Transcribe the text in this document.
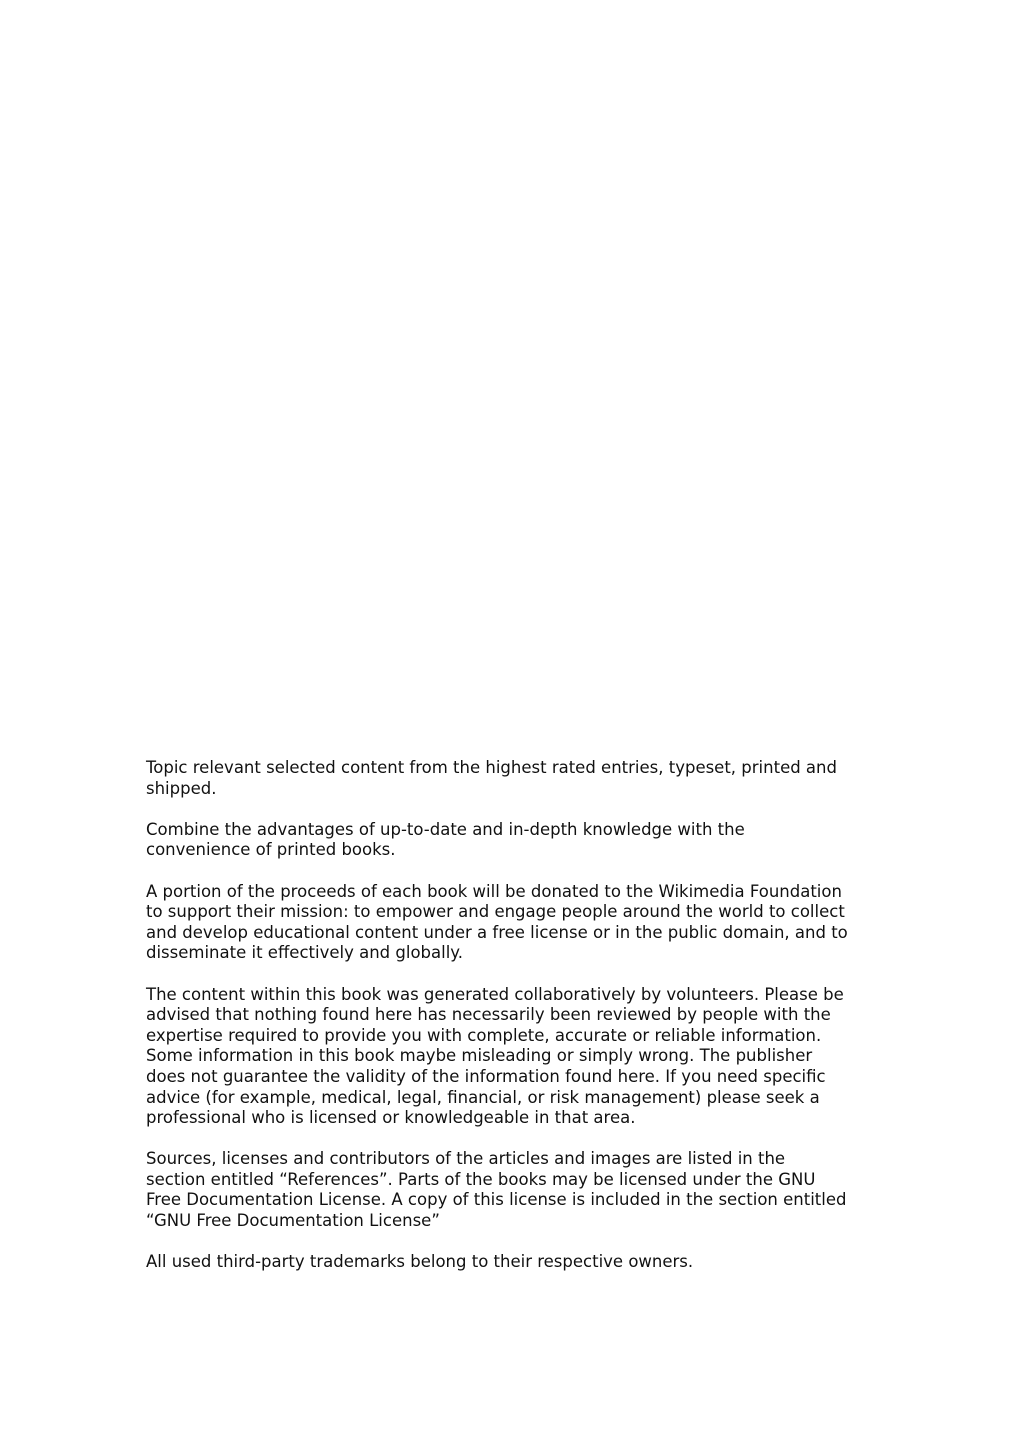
Topic relevant selected content from the highest rated entries, typeset, printed and
shipped.

Combine the advantages of up-to-date and in-depth knowledge with the
convenience of printed books.

A portion of the proceeds of each book will be donated to the Wikimedia Foundation
to support their mission: to empower and engage people around the world to collect
and develop educational content under a free license or in the public domain, and to
disseminate it effectively and globally.

The content within this book was generated collaboratively by volunteers. Please be
advised that nothing found here has necessarily been reviewed by people with the
expertise required to provide you with complete, accurate or reliable information.
Some information in this book maybe misleading or simply wrong. The publisher
does not guarantee the validity of the information found here. If you need specific
advice (for example, medical, legal, financial, or risk management) please seek a
professional who is licensed or knowledgeable in that area.

Sources, licenses and contributors of the articles and images are listed in the
section entitled “References”. Parts of the books may be licensed under the GNU
Free Documentation License. A copy of this license is included in the section entitled
“GNU Free Documentation License”

All used third-party trademarks belong to their respective owners.
